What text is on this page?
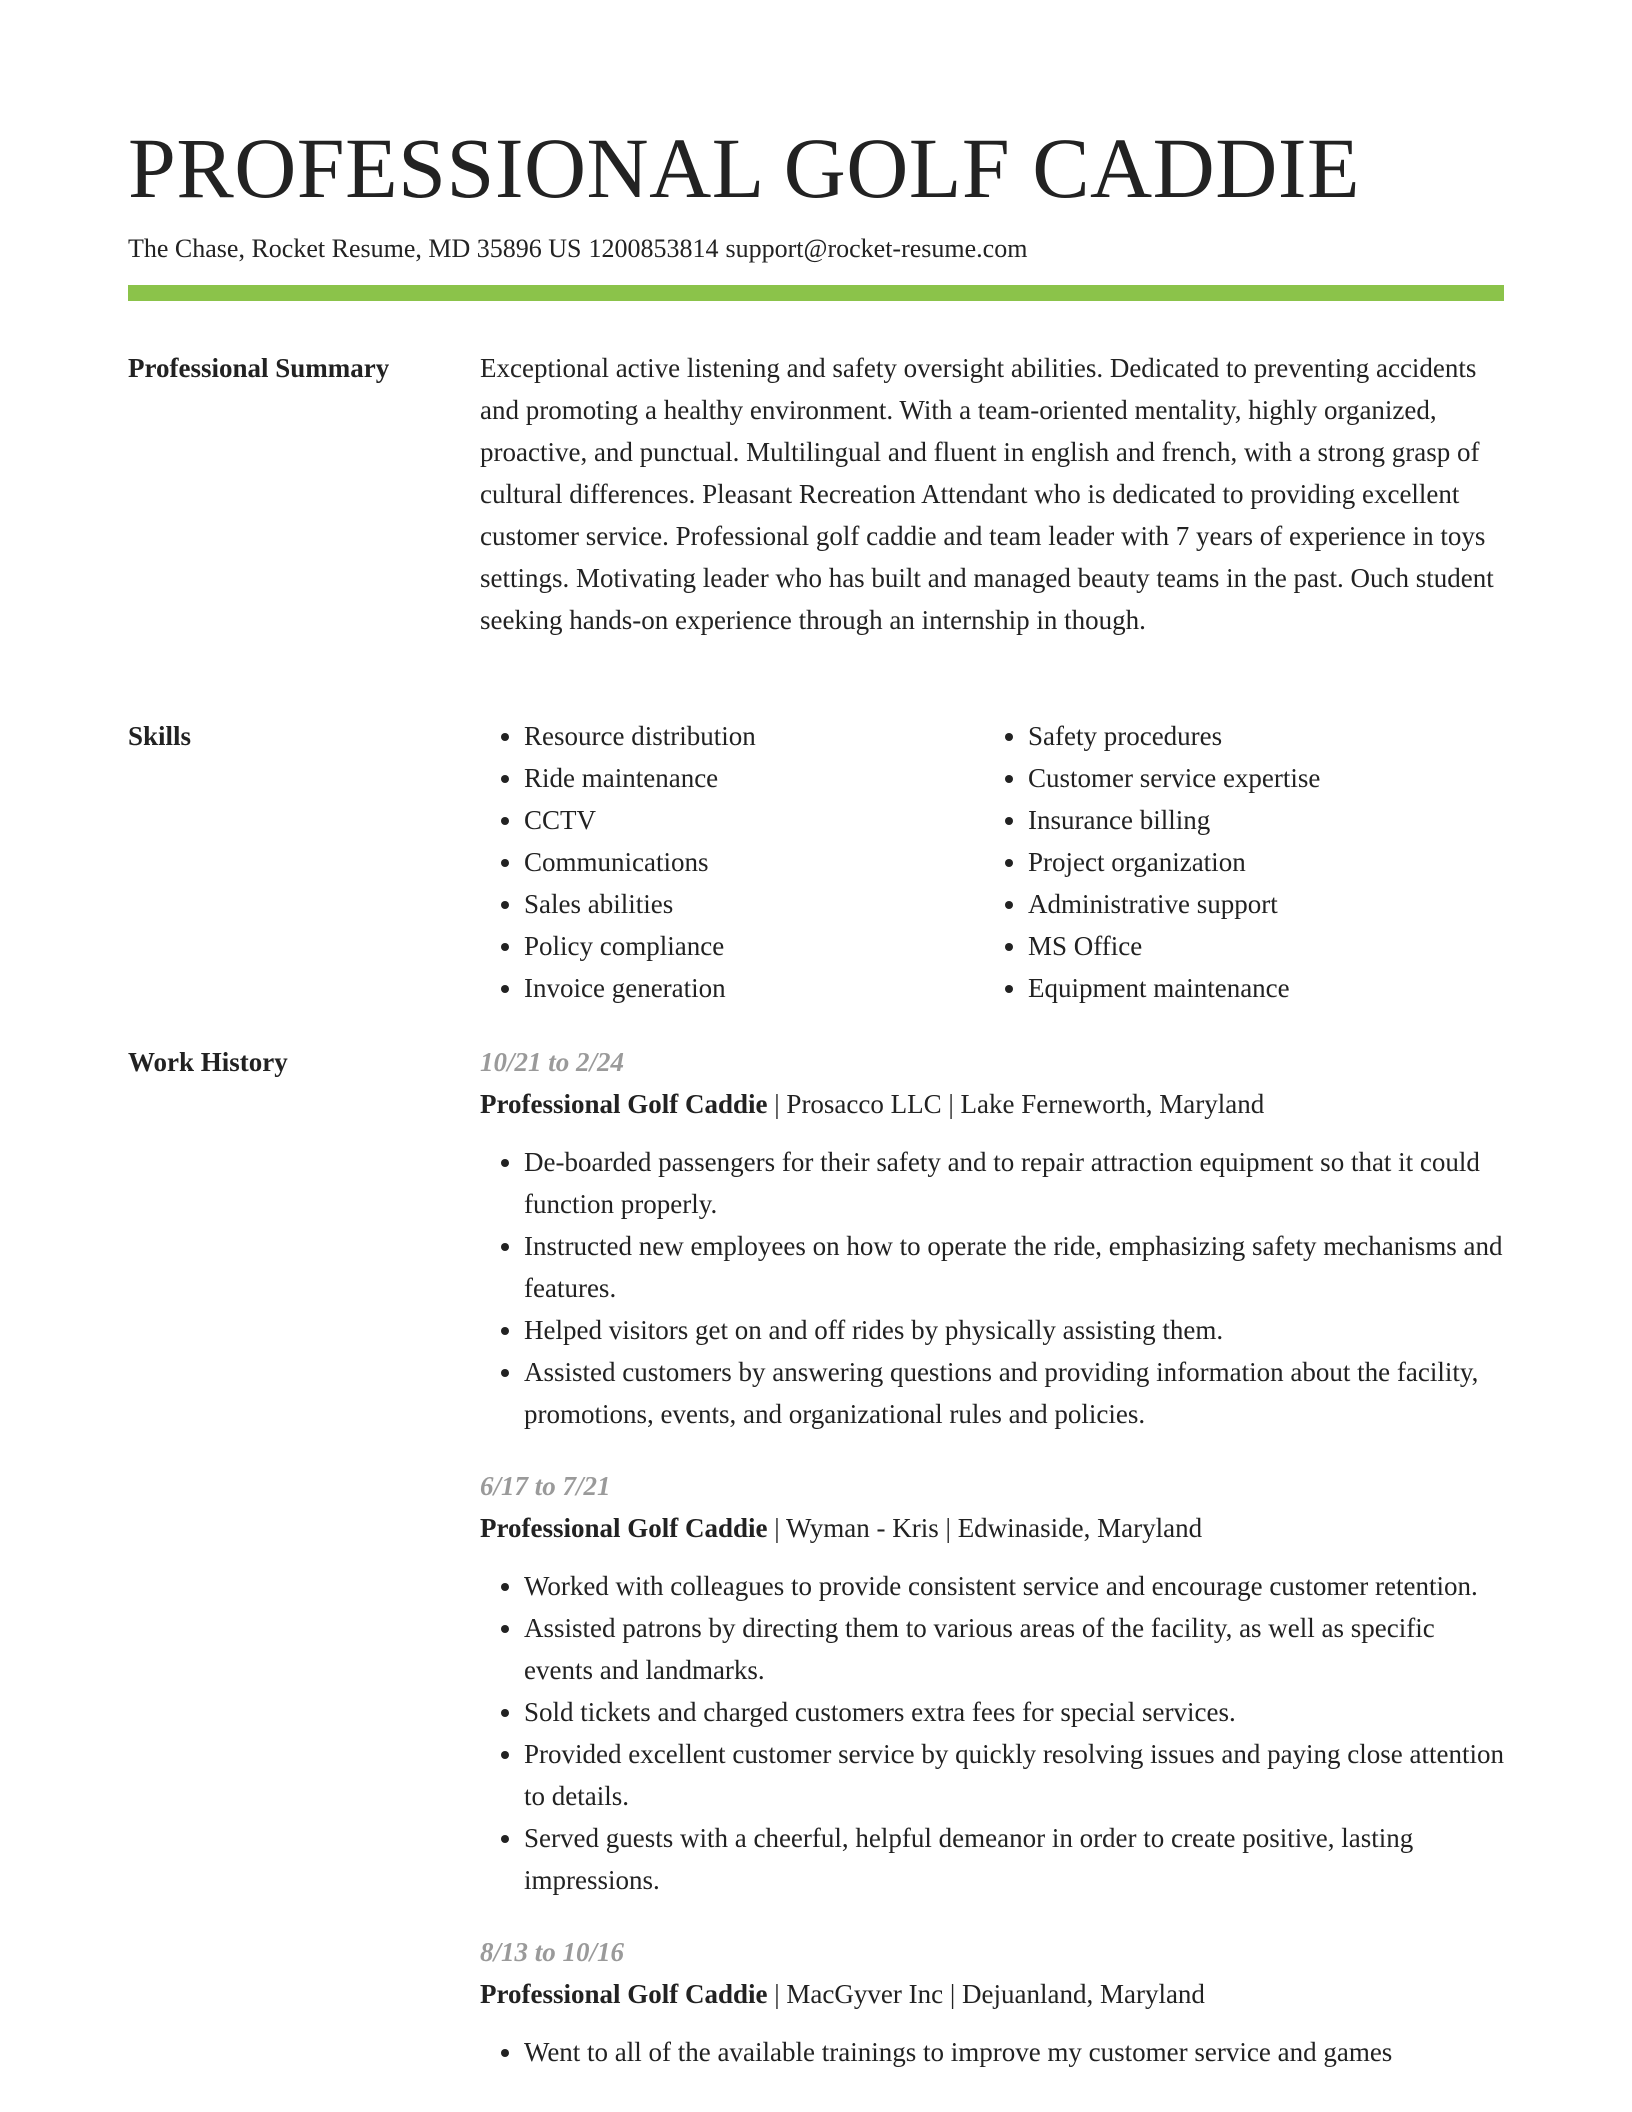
PROFESSIONAL GOLF CADDIE
The Chase, Rocket Resume, MD 35896 US 1200853814 support@rocket-resume.com
Professional Summary	Exceptional active listening and safety oversight abilities. Dedicated to preventing accidents and promoting a healthy environment. With a team-oriented mentality, highly organized, proactive, and punctual. Multilingual and fluent in english and french, with a strong grasp of cultural differences. Pleasant Recreation Attendant who is dedicated to providing excellent customer service. Professional golf caddie and team leader with 7 years of experience in toys settings. Motivating leader who has built and managed beauty teams in the past. Ouch student seeking hands-on experience through an internship in though.

Skills
•	Resource distribution
• Ride maintenance
• CCTV
• Communications
• Sales abilities
• Policy compliance
• Invoice generation
• Safety procedures
• Customer service expertise
• Insurance billing
• Project organization
• Administrative support
• MS Office
• Equipment maintenance
Work History	10/21 to 2/24
Professional Golf Caddie | Prosacco LLC | Lake Ferneworth, Maryland
• De-boarded passengers for their safety and to repair attraction equipment so that it could function properly.
• Instructed new employees on how to operate the ride, emphasizing safety mechanisms and features.
• Helped visitors get on and off rides by physically assisting them.
• Assisted customers by answering questions and providing information about the facility, promotions, events, and organizational rules and policies.
6/17 to 7/21
Professional Golf Caddie | Wyman - Kris | Edwinaside, Maryland
• Worked with colleagues to provide consistent service and encourage customer retention.
• Assisted patrons by directing them to various areas of the facility, as well as specific events and landmarks.
• Sold tickets and charged customers extra fees for special services.
• Provided excellent customer service by quickly resolving issues and paying close attention to details.
• Served guests with a cheerful, helpful demeanor in order to create positive, lasting impressions.
8/13 to 10/16
Professional Golf Caddie | MacGyver Inc | Dejuanland, Maryland
• Went to all of the available trainings to improve my customer service and games
